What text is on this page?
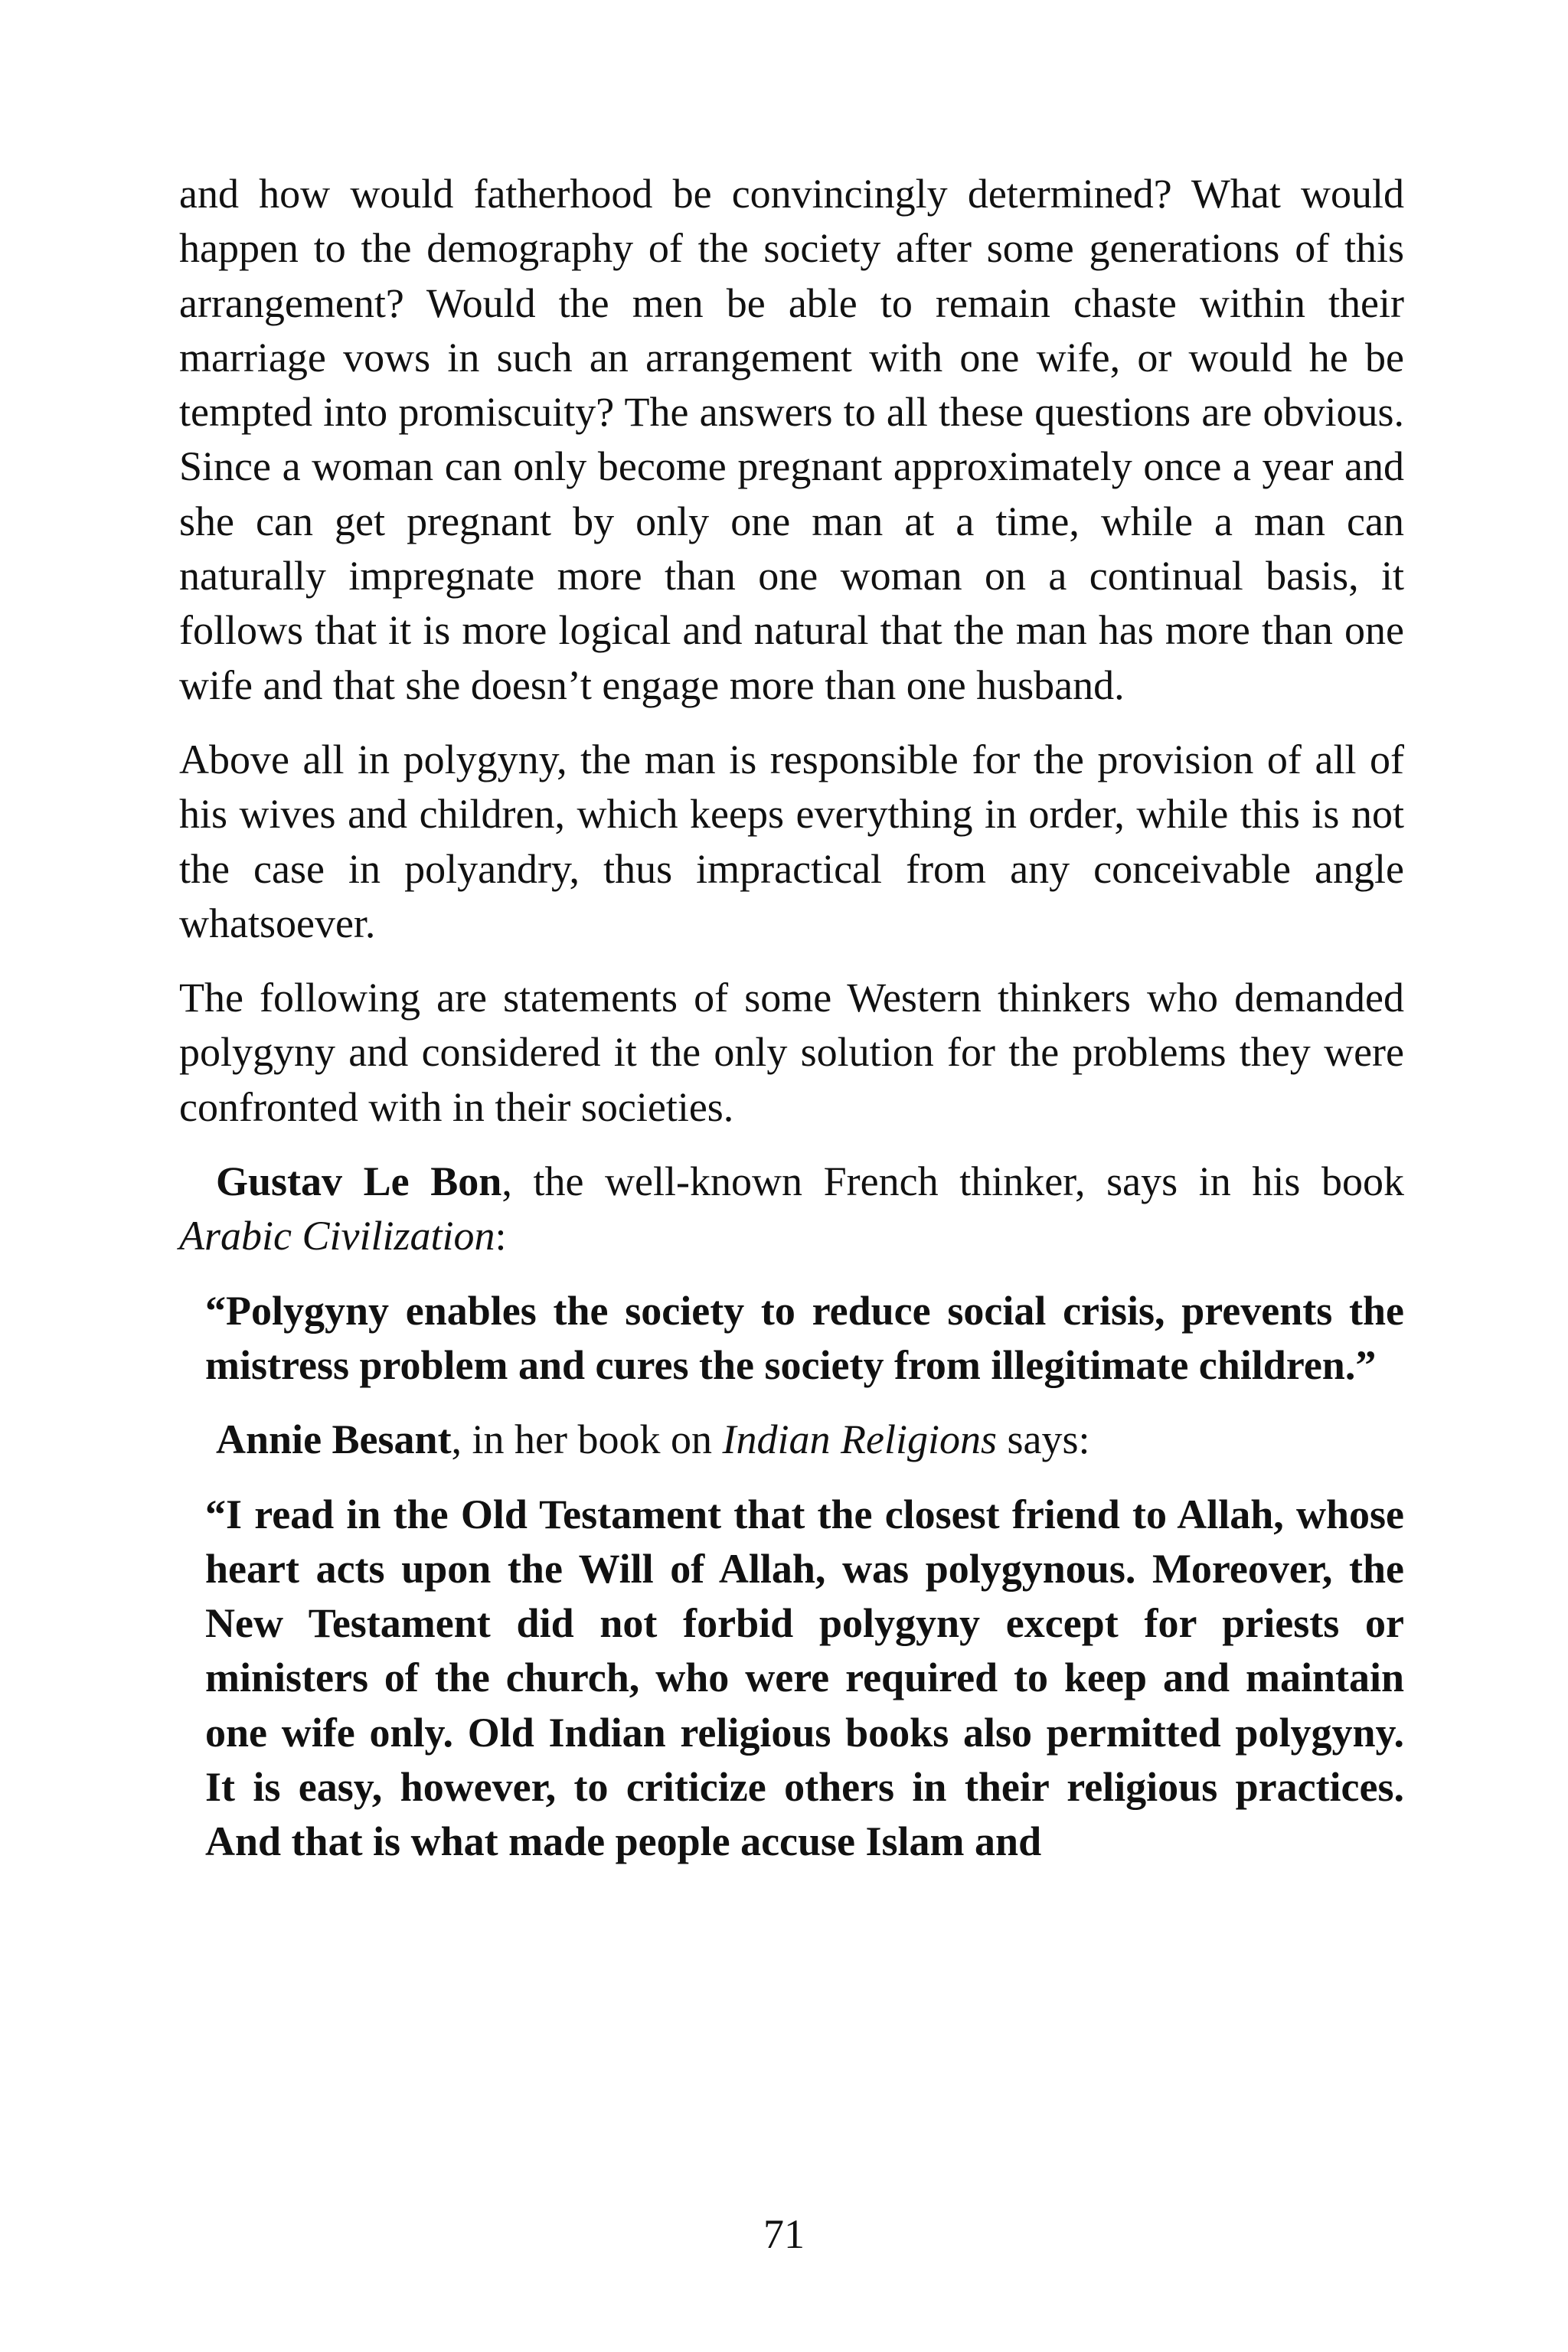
and how would fatherhood be convincingly determined? What would happen to the demography of the society after some generations of this arrangement? Would the men be able to remain chaste within their marriage vows in such an arrangement with one wife, or would he be tempted into promiscuity? The answers to all these questions are obvious. Since a woman can only become pregnant approximately once a year and she can get pregnant by only one man at a time, while a man can naturally impregnate more than one woman on a continual basis, it follows that it is more logical and natural that the man has more than one wife and that she doesn’t engage more than one husband.

Above all in polygyny, the man is responsible for the provision of all of his wives and children, which keeps everything in order, while this is not the case in polyandry, thus impractical from any conceivable angle whatsoever.

The following are statements of some Western thinkers who demanded polygyny and considered it the only solution for the problems they were confronted with in their societies.

Gustav Le Bon, the well-known French thinker, says in his book Arabic Civilization:

“Polygyny enables the society to reduce social crisis, prevents the mistress problem and cures the society from illegitimate children.”

Annie Besant, in her book on Indian Religions says:

“I read in the Old Testament that the closest friend to Allah, whose heart acts upon the Will of Allah, was polygynous. Moreover, the New Testament did not forbid polygyny except for priests or ministers of the church, who were required to keep and maintain one wife only. Old Indian religious books also permitted polygyny. It is easy, however, to criticize others in their religious practices. And that is what made people accuse Islam and

71
